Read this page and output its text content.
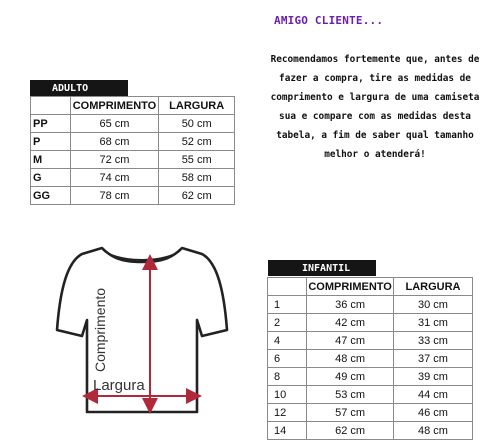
AMIGO CLIENTE...
Recomendamos fortemente que, antes de fazer a compra, tire as medidas de comprimento e largura de uma camiseta sua e compare com as medidas desta tabela, a fim de saber qual tamanho melhor o atenderá!
ADULTO
	COMPRIMENTO	LARGURA
PP	65 cm	50 cm
P	68 cm	52 cm
M	72 cm	55 cm
G	74 cm	58 cm
GG	78 cm	62 cm
INFANTIL
	COMPRIMENTO	LARGURA
1	36 cm	30 cm
2	42 cm	31 cm
4	47 cm	33 cm
6	48 cm	37 cm
8	49 cm	39 cm
10	53 cm	44 cm
12	57 cm	46 cm
14	62 cm	48 cm
Comprimento
Largura
